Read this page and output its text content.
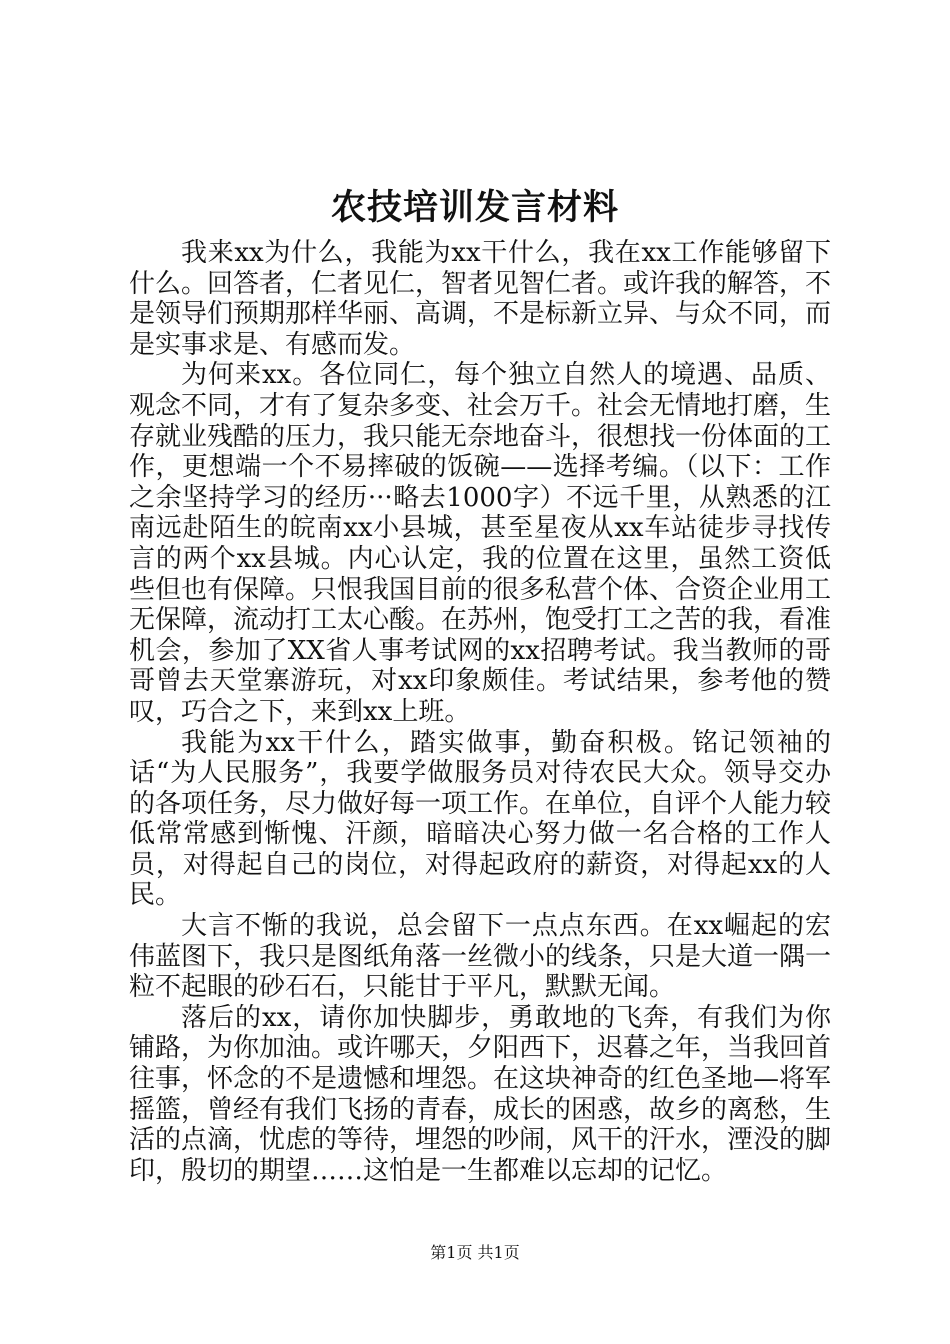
农技培训发言材料

我来xx为什么，我能为xx干什么，我在xx工作能够留下什么。回答者，仁者见仁，智者见智仁者。或许我的解答，不是领导们预期那样华丽、高调，不是标新立异、与众不同，而是实事求是、有感而发。

为何来xx。各位同仁，每个独立自然人的境遇、品质、观念不同，才有了复杂多变、社会万千。社会无情地打磨，生存就业残酷的压力，我只能无奈地奋斗，很想找一份体面的工作，更想端一个不易摔破的饭碗——选择考编。（以下：工作之余坚持学习的经历···略去1000字）不远千里，从熟悉的江南远赴陌生的皖南xx小县城，甚至星夜从xx车站徒步寻找传言的两个xx县城。内心认定，我的位置在这里，虽然工资低些但也有保障。只恨我国目前的很多私营个体、合资企业用工无保障，流动打工太心酸。在苏州，饱受打工之苦的我，看准机会，参加了XX省人事考试网的xx招聘考试。我当教师的哥哥曾去天堂寨游玩，对xx印象颇佳。考试结果，参考他的赞叹，巧合之下，来到xx上班。

我能为xx干什么，踏实做事，勤奋积极。铭记领袖的话“为人民服务”，我要学做服务员对待农民大众。领导交办的各项任务，尽力做好每一项工作。在单位，自评个人能力较低常常感到惭愧、汗颜，暗暗决心努力做一名合格的工作人员，对得起自己的岗位，对得起政府的薪资，对得起xx的人民。

大言不惭的我说，总会留下一点点东西。在xx崛起的宏伟蓝图下，我只是图纸角落一丝微小的线条，只是大道一隅一粒不起眼的砂石石，只能甘于平凡，默默无闻。

落后的xx，请你加快脚步，勇敢地的飞奔，有我们为你铺路，为你加油。或许哪天，夕阳西下，迟暮之年，当我回首往事，怀念的不是遗憾和埋怨。在这块神奇的红色圣地—将军摇篮，曾经有我们飞扬的青春，成长的困惑，故乡的离愁，生活的点滴，忧虑的等待，埋怨的吵闹，风干的汗水，湮没的脚印，殷切的期望……这怕是一生都难以忘却的记忆。

第1页 共1页
